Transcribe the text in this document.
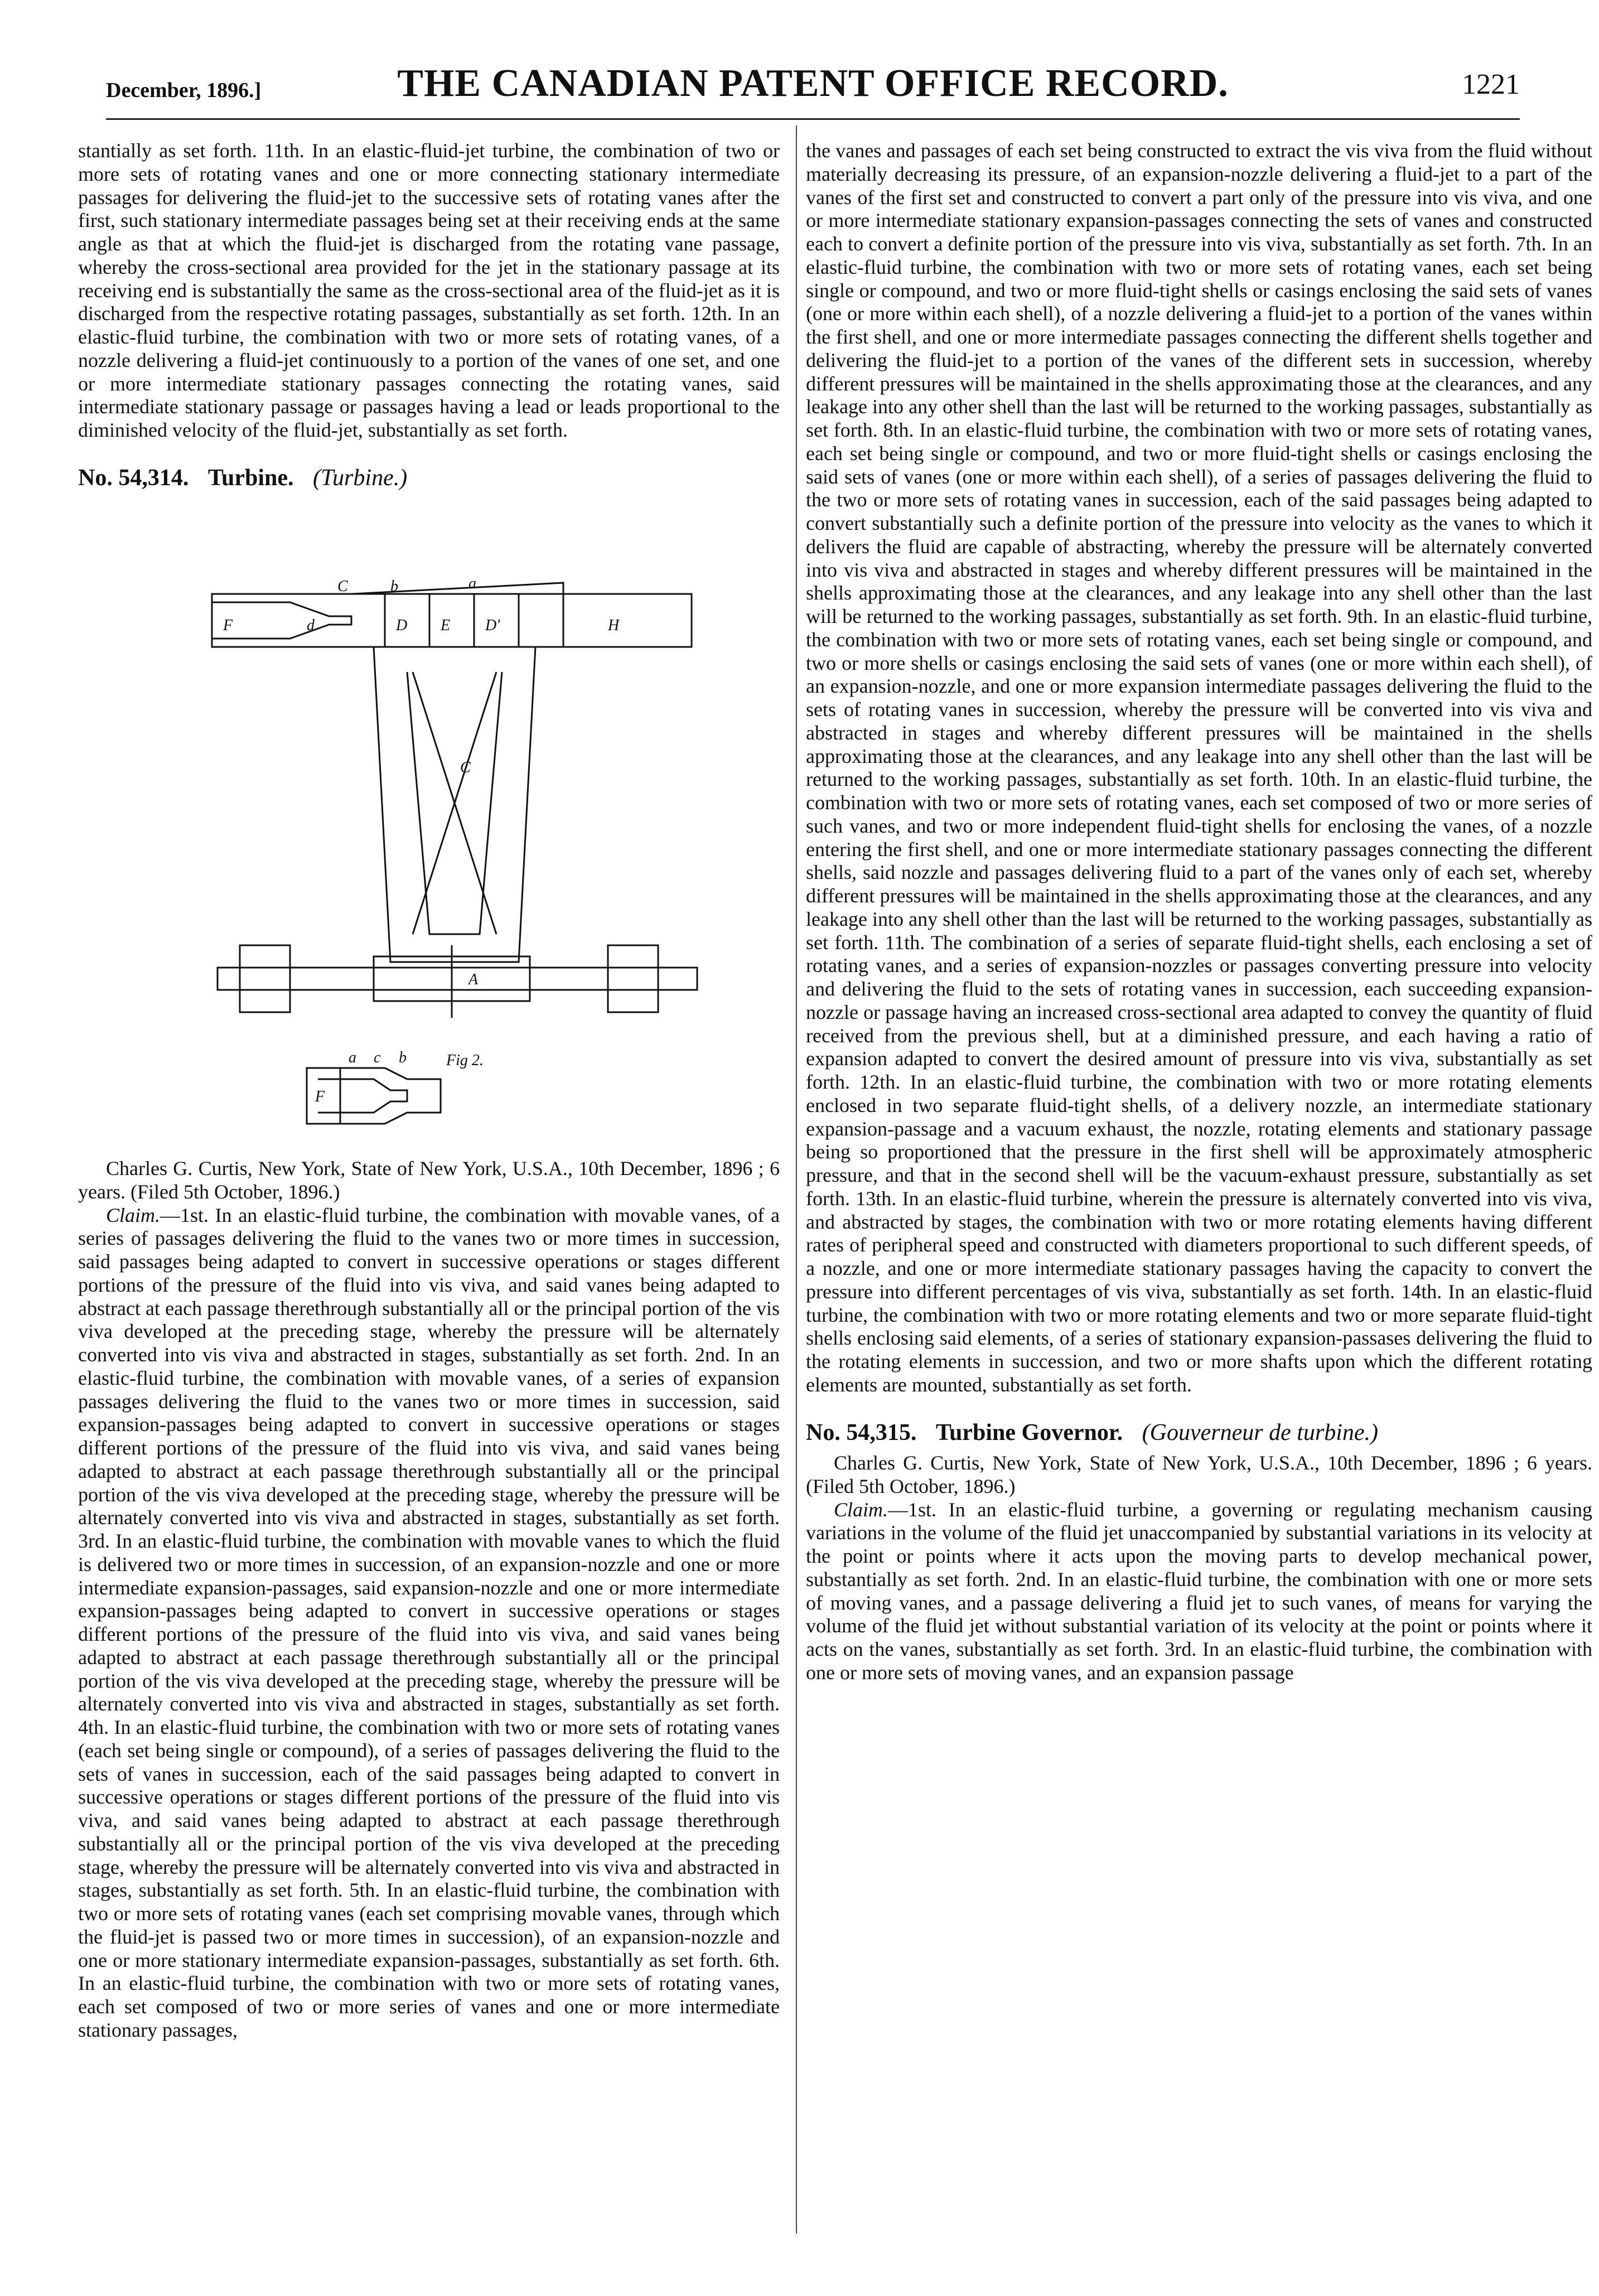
December, 1896.]	THE CANADIAN PATENT OFFICE RECORD.	1221

stantially as set forth. 11th. In an elastic-fluid-jet turbine, the combination of two or more sets of rotating vanes and one or more connecting stationary intermediate passages for delivering the fluid-jet to the successive sets of rotating vanes after the first, such stationary intermediate passages being set at their receiving ends at the same angle as that at which the fluid-jet is discharged from the rotating vane passage, whereby the cross-sectional area provided for the jet in the stationary passage at its receiving end is substantially the same as the cross-sectional area of the fluid-jet as it is discharged from the respective rotating passages, substantially as set forth. 12th. In an elastic-fluid turbine, the combination with two or more sets of rotating vanes, of a nozzle delivering a fluid-jet continuously to a portion of the vanes of one set, and one or more intermediate stationary passages connecting the rotating vanes, said intermediate stationary passage or passages having a lead or leads proportional to the diminished velocity of the fluid-jet, substantially as set forth.

No. 54,314. Turbine. (Turbine.)
F	d
C	b	a
D E D'	H
C
A
Fig 2.
F
a c b

Charles G. Curtis, New York, State of New York, U.S.A., 10th December, 1896 ; 6 years. (Filed 5th October, 1896.)

Claim.—1st. In an elastic-fluid turbine, the combination with movable vanes, of a series of passages delivering the fluid to the vanes two or more times in succession, said passages being adapted to convert in successive operations or stages different portions of the pressure of the fluid into vis viva, and said vanes being adapted to abstract at each passage therethrough substantially all or the principal portion of the vis viva developed at the preceding stage, whereby the pressure will be alternately converted into vis viva and abstracted in stages, substantially as set forth. 2nd. In an elastic-fluid turbine, the combination with movable vanes, of a series of expansion passages delivering the fluid to the vanes two or more times in succession, said expansion-passages being adapted to convert in successive operations or stages different portions of the pressure of the fluid into vis viva, and said vanes being adapted to abstract at each passage therethrough substantially all or the principal portion of the vis viva developed at the preceding stage, whereby the pressure will be alternately converted into vis viva and abstracted in stages, substantially as set forth. 3rd. In an elastic-fluid turbine, the combination with movable vanes to which the fluid is delivered two or more times in succession, of an expansion-nozzle and one or more intermediate expansion-passages, said expansion-nozzle and one or more intermediate expansion-passages being adapted to convert in successive operations or stages different portions of the pressure of the fluid into vis viva, and said vanes being adapted to abstract at each passage therethrough substantially all or the principal portion of the vis viva developed at the preceding stage, whereby the pressure will be alternately converted into vis viva and abstracted in stages, substantially as set forth. 4th. In an elastic-fluid turbine, the combination with two or more sets of rotating vanes (each set being single or compound), of a series of passages delivering the fluid to the sets of vanes in succession, each of the said passages being adapted to convert in successive operations or stages different portions of the pressure of the fluid into vis viva, and said vanes being adapted to abstract at each passage therethrough substantially all or the principal portion of the vis viva developed at the preceding stage, whereby the pressure will be alternately converted into vis viva and abstracted in stages, substantially as set forth. 5th. In an elastic-fluid turbine, the combination with two or more sets of rotating vanes (each set comprising movable vanes, through which the fluid-jet is passed two or more times in succession), of an expansion-nozzle and one or more stationary intermediate expansion-passages, substantially as set forth. 6th. In an elastic-fluid turbine, the combination with two or more sets of rotating vanes, each set composed of two or more series of vanes and one or more intermediate stationary passages,

the vanes and passages of each set being constructed to extract the vis viva from the fluid without materially decreasing its pressure, of an expansion-nozzle delivering a fluid-jet to a part of the vanes of the first set and constructed to convert a part only of the pressure into vis viva, and one or more intermediate stationary expansion-passages connecting the sets of vanes and constructed each to convert a definite portion of the pressure into vis viva, substantially as set forth. 7th. In an elastic-fluid turbine, the combination with two or more sets of rotating vanes, each set being single or compound, and two or more fluid-tight shells or casings enclosing the said sets of vanes (one or more within each shell), of a nozzle delivering a fluid-jet to a portion of the vanes within the first shell, and one or more intermediate passages connecting the different shells together and delivering the fluid-jet to a portion of the vanes of the different sets in succession, whereby different pressures will be maintained in the shells approximating those at the clearances, and any leakage into any other shell than the last will be returned to the working passages, substantially as set forth. 8th. In an elastic-fluid turbine, the combination with two or more sets of rotating vanes, each set being single or compound, and two or more fluid-tight shells or casings enclosing the said sets of vanes (one or more within each shell), of a series of passages delivering the fluid to the two or more sets of rotating vanes in succession, each of the said passages being adapted to convert substantially such a definite portion of the pressure into velocity as the vanes to which it delivers the fluid are capable of abstracting, whereby the pressure will be alternately converted into vis viva and abstracted in stages and whereby different pressures will be maintained in the shells approximating those at the clearances, and any leakage into any shell other than the last will be returned to the working passages, substantially as set forth. 9th. In an elastic-fluid turbine, the combination with two or more sets of rotating vanes, each set being single or compound, and two or more shells or casings enclosing the said sets of vanes (one or more within each shell), of an expansion-nozzle, and one or more expansion intermediate passages delivering the fluid to the sets of rotating vanes in succession, whereby the pressure will be converted into vis viva and abstracted in stages and whereby different pressures will be maintained in the shells approximating those at the clearances, and any leakage into any shell other than the last will be returned to the working passages, substantially as set forth. 10th. In an elastic-fluid turbine, the combination with two or more sets of rotating vanes, each set composed of two or more series of such vanes, and two or more independent fluid-tight shells for enclosing the vanes, of a nozzle entering the first shell, and one or more intermediate stationary passages connecting the different shells, said nozzle and passages delivering fluid to a part of the vanes only of each set, whereby different pressures will be maintained in the shells approximating those at the clearances, and any leakage into any shell other than the last will be returned to the working passages, substantially as set forth. 11th. The combination of a series of separate fluid-tight shells, each enclosing a set of rotating vanes, and a series of expansion-nozzles or passages converting pressure into velocity and delivering the fluid to the sets of rotating vanes in succession, each succeeding expansion-nozzle or passage having an increased cross-sectional area adapted to convey the quantity of fluid received from the previous shell, but at a diminished pressure, and each having a ratio of expansion adapted to convert the desired amount of pressure into vis viva, substantially as set forth. 12th. In an elastic-fluid turbine, the combination with two or more rotating elements enclosed in two separate fluid-tight shells, of a delivery nozzle, an intermediate stationary expansion-passage and a vacuum exhaust, the nozzle, rotating elements and stationary passage being so proportioned that the pressure in the first shell will be approximately atmospheric pressure, and that in the second shell will be the vacuum-exhaust pressure, substantially as set forth. 13th. In an elastic-fluid turbine, wherein the pressure is alternately converted into vis viva, and abstracted by stages, the combination with two or more rotating elements having different rates of peripheral speed and constructed with diameters proportional to such different speeds, of a nozzle, and one or more intermediate stationary passages having the capacity to convert the pressure into different percentages of vis viva, substantially as set forth. 14th. In an elastic-fluid turbine, the combination with two or more rotating elements and two or more separate fluid-tight shells enclosing said elements, of a series of stationary expansion-passases delivering the fluid to the rotating elements in succession, and two or more shafts upon which the different rotating elements are mounted, substantially as set forth.

No. 54,315. Turbine Governor. (Gouverneur de turbine.)

Charles G. Curtis, New York, State of New York, U.S.A., 10th December, 1896 ; 6 years. (Filed 5th October, 1896.)

Claim.—1st. In an elastic-fluid turbine, a governing or regulating mechanism causing variations in the volume of the fluid jet unaccompanied by substantial variations in its velocity at the point or points where it acts upon the moving parts to develop mechanical power, substantially as set forth. 2nd. In an elastic-fluid turbine, the combination with one or more sets of moving vanes, and a passage delivering a fluid jet to such vanes, of means for varying the volume of the fluid jet without substantial variation of its velocity at the point or points where it acts on the vanes, substantially as set forth. 3rd. In an elastic-fluid turbine, the combination with one or more sets of moving vanes, and an expansion passage
